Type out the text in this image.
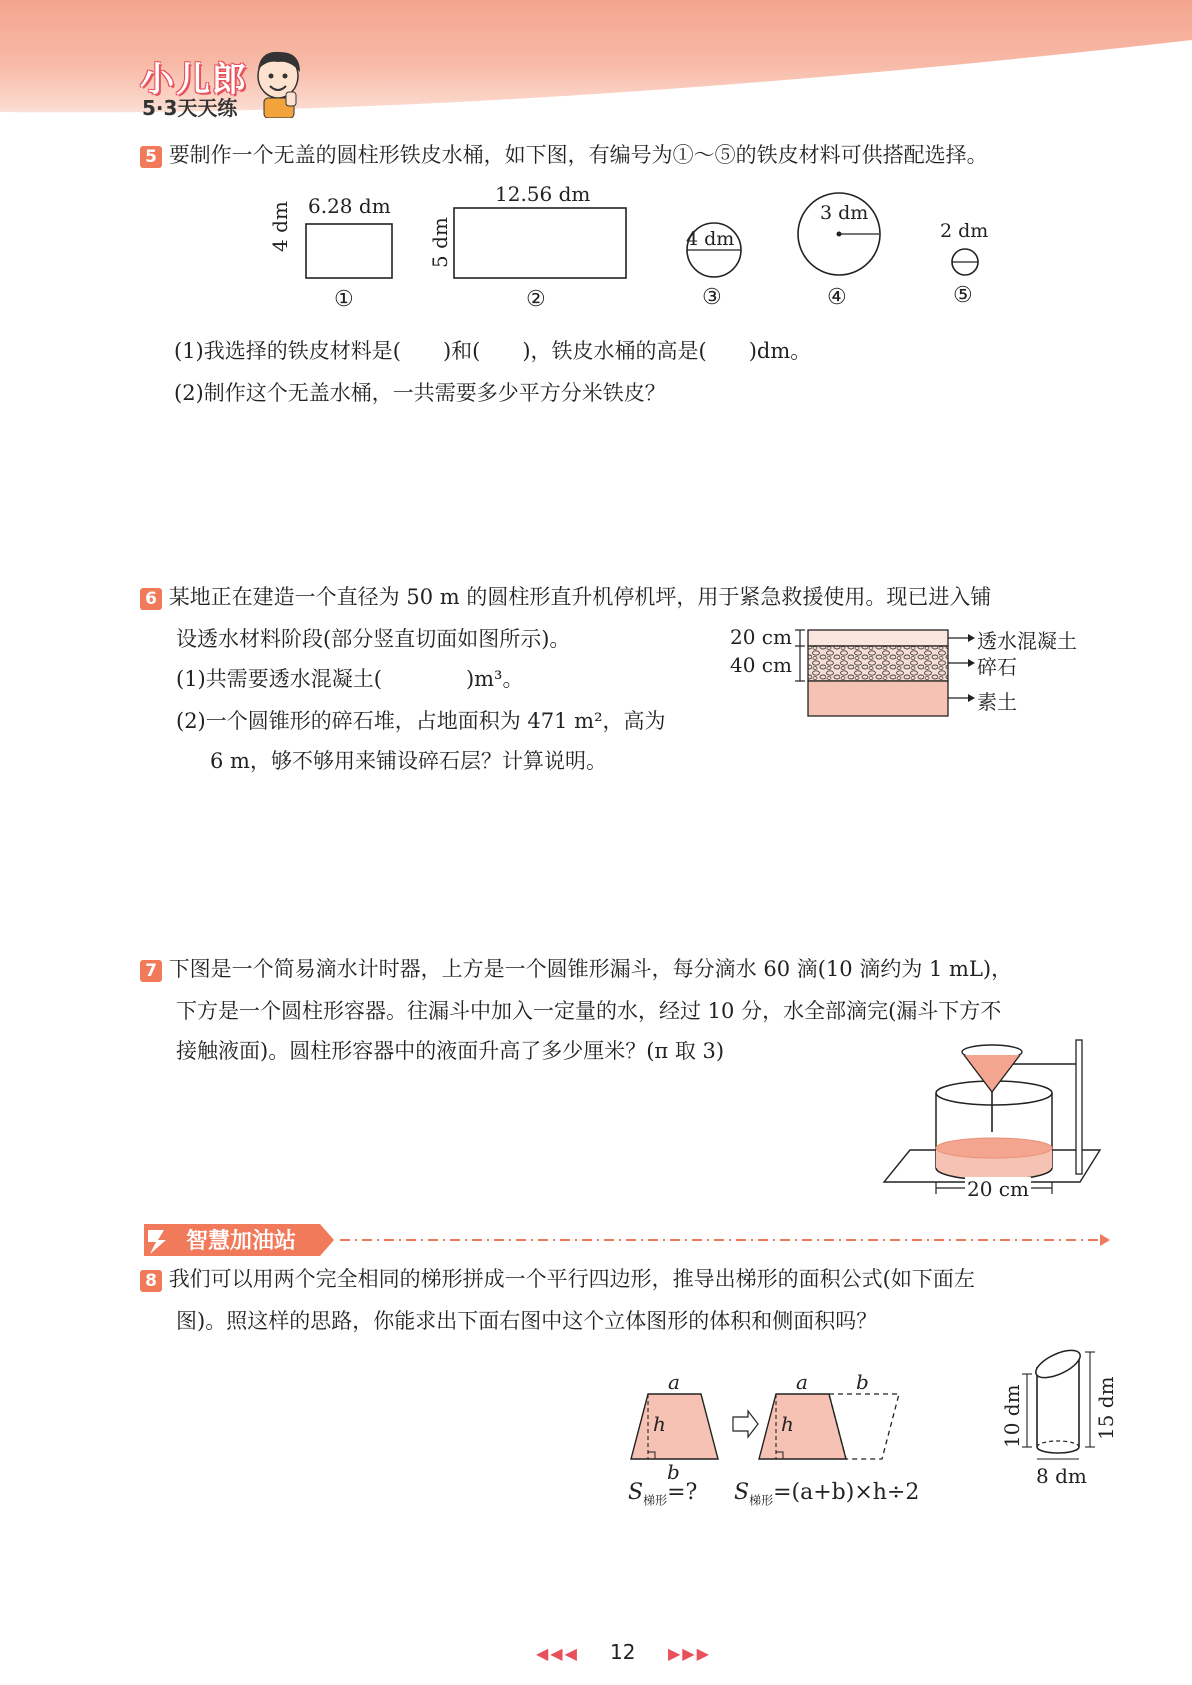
小儿郎
5·3天天练
5 要制作一个无盖的圆柱形铁皮水桶，如下图，有编号为①～⑤的铁皮材料可供搭配选择。
6.28 dm
4 dm
12.56 dm
5 dm	4 dm
3 dm
2 dm
①	②	③	④	⑤
(1)我选择的铁皮材料是(　　)和(　　)，铁皮水桶的高是(　　)dm。
(2)制作这个无盖水桶，一共需要多少平方分米铁皮？
6 某地正在建造一个直径为 50 m 的圆柱形直升机停机坪，用于紧急救援使用。现已进入铺
设透水材料阶段(部分竖直切面如图所示)。
(1)共需要透水混凝土(　　　　)m³。
(2)一个圆锥形的碎石堆，占地面积为 471 m²，高为
6 m，够不够用来铺设碎石层？计算说明。
20 cm
40 cm
透水混凝土
碎石
素土
7 下图是一个简易滴水计时器，上方是一个圆锥形漏斗，每分滴水 60 滴(10 滴约为 1 mL)，
下方是一个圆柱形容器。往漏斗中加入一定量的水，经过 10 分，水全部滴完(漏斗下方不
接触液面)。圆柱形容器中的液面升高了多少厘米？(π 取 3)
20 cm
智慧加油站
8 我们可以用两个完全相同的梯形拼成一个平行四边形，推导出梯形的面积公式(如下面左
图)。照这样的思路，你能求出下面右图中这个立体图形的体积和侧面积吗？
a
h
b
a
h
b
$S_{梯形}=$? $S_{梯形}=(a+b)\times h\div 2$
10 dm	15 dm
8 dm
◀◀◀ 12 ▶▶▶
